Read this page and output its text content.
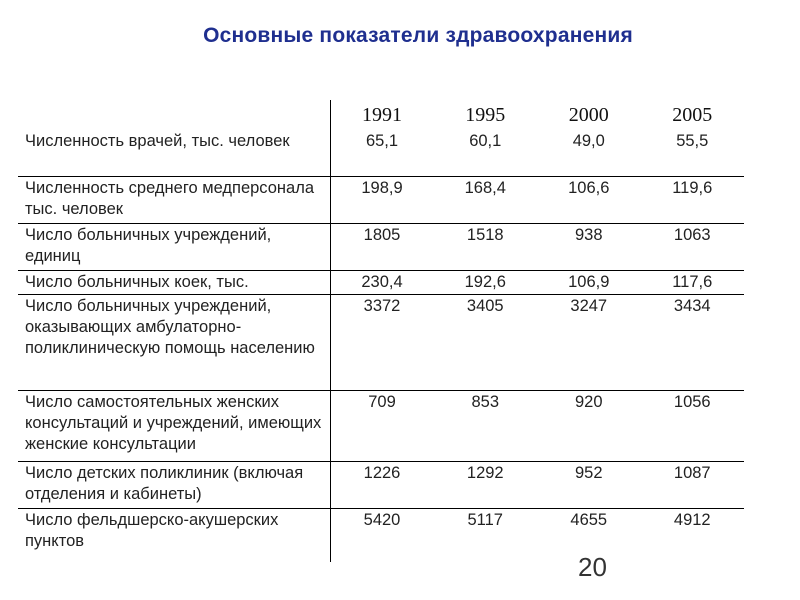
Основные показатели здравоохранения
	1991	1995	2000	2005
Численность врачей, тыс. человек	65,1	60,1	49,0	55,5
Численность среднего медперсонала тыс. человек	198,9	168,4	106,6	119,6
Число больничных учреждений, единиц	1805	1518	938	1063
Число больничных коек, тыс.	230,4	192,6	106,9	117,6
Число больничных учреждений, оказывающих амбулаторно-поликлиническую помощь населению	3372	3405	3247	3434
Число самостоятельных женских консультаций и учреждений, имеющих женские консультации	709	853	920	1056
Число детских поликлиник (включая отделения и кабинеты)	1226	1292	952	1087
Число фельдшерско-акушерских пунктов	5420	5117	4655	4912
20
